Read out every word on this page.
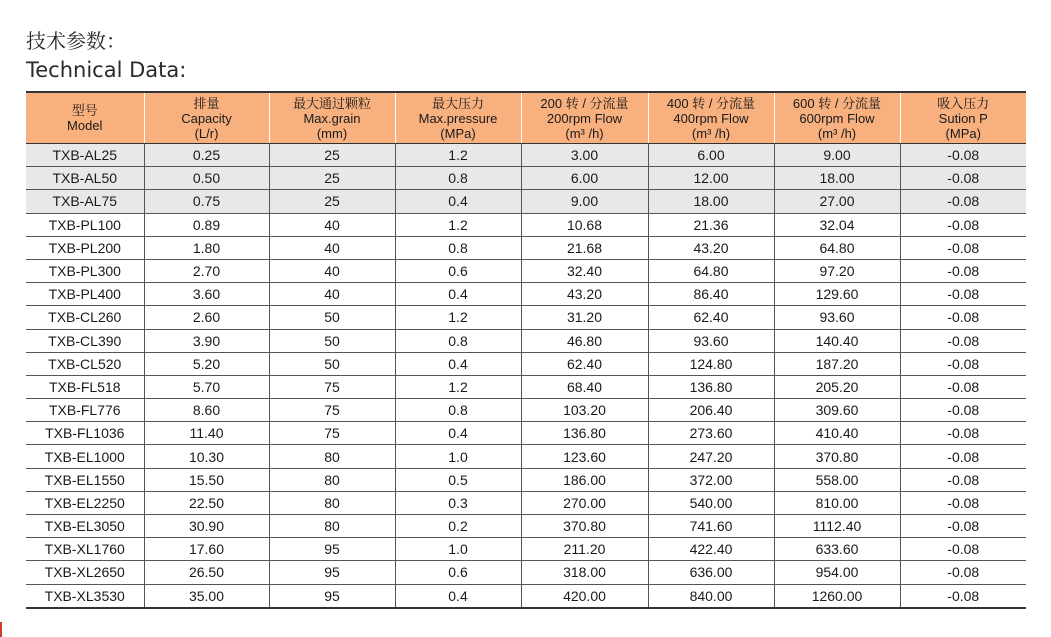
技术参数：
Technical Data:
型号
Model	排量
Capacity
(L/r)	最大通过颗粒
Max.grain
(mm)	最大压力
Max.pressure
(MPa)	200 转 / 分流量
200rpm Flow
(m³ /h)	400 转 / 分流量
400rpm Flow
(m³ /h)	600 转 / 分流量
600rpm Flow
(m³ /h)	吸入压力
Sution P
(MPa)

TXB-AL25	0.25	25	1.2	3.00	6.00	9.00	-0.08
TXB-AL50	0.50	25	0.8	6.00	12.00	18.00	-0.08
TXB-AL75	0.75	25	0.4	9.00	18.00	27.00	-0.08
TXB-PL100	0.89	40	1.2	10.68	21.36	32.04	-0.08
TXB-PL200	1.80	40	0.8	21.68	43.20	64.80	-0.08
TXB-PL300	2.70	40	0.6	32.40	64.80	97.20	-0.08
TXB-PL400	3.60	40	0.4	43.20	86.40	129.60	-0.08
TXB-CL260	2.60	50	1.2	31.20	62.40	93.60	-0.08
TXB-CL390	3.90	50	0.8	46.80	93.60	140.40	-0.08
TXB-CL520	5.20	50	0.4	62.40	124.80	187.20	-0.08
TXB-FL518	5.70	75	1.2	68.40	136.80	205.20	-0.08
TXB-FL776	8.60	75	0.8	103.20	206.40	309.60	-0.08
TXB-FL1036	11.40	75	0.4	136.80	273.60	410.40	-0.08
TXB-EL1000	10.30	80	1.0	123.60	247.20	370.80	-0.08
TXB-EL1550	15.50	80	0.5	186.00	372.00	558.00	-0.08
TXB-EL2250	22.50	80	0.3	270.00	540.00	810.00	-0.08
TXB-EL3050	30.90	80	0.2	370.80	741.60	1112.40	-0.08
TXB-XL1760	17.60	95	1.0	211.20	422.40	633.60	-0.08
TXB-XL2650	26.50	95	0.6	318.00	636.00	954.00	-0.08
TXB-XL3530	35.00	95	0.4	420.00	840.00	1260.00	-0.08
